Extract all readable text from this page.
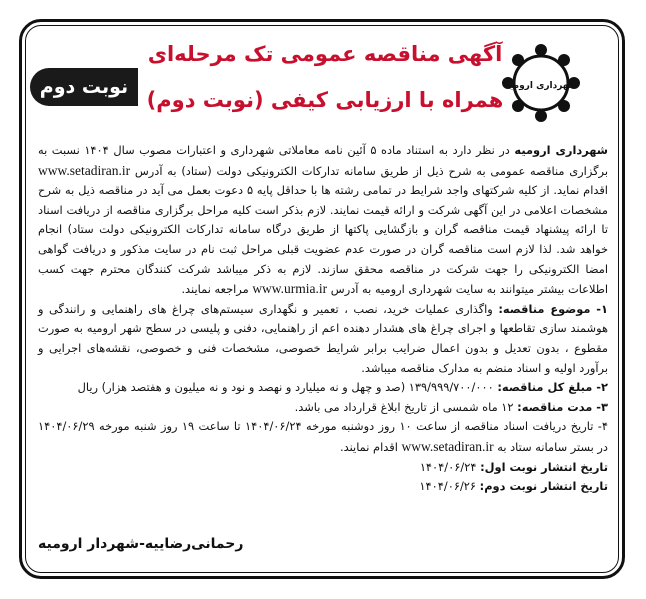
شهرداری ارومیه
نوبت دوم
آگهی مناقصه عمومی تک مرحله‌ای
همراه با ارزیابی کیفی (نوبت دوم)

شهرداری ارومیه در نظر دارد به استناد ماده ۵ آئین نامه معاملاتی شهرداری و اعتبارات مصوب سال ۱۴۰۴ نسبت به برگزاری مناقصه عمومی به شرح ذیل از طریق سامانه تدارکات الکترونیکی دولت (ستاد) به آدرس www.setadiran.ir اقدام نماید. از کلیه شرکتهای واجد شرایط در تمامی رشته ها با حداقل پایه ۵ دعوت بعمل می آید در مناقصه ذیل به شرح مشخصات اعلامی در این آگهی شرکت و ارائه قیمت نمایند. لازم بذکر است کلیه مراحل برگزاری مناقصه از دریافت اسناد تا ارائه پیشنهاد قیمت مناقصه گران و بازگشایی پاکتها از طریق درگاه سامانه تدارکات الکترونیکی دولت ستاد) انجام خواهد شد. لذا لازم است مناقصه گران در صورت عدم عضویت قبلی مراحل ثبت نام در سایت مذکور و دریافت گواهی امضا الکترونیکی را جهت شرکت در مناقصه محقق سازند. لازم به ذکر میباشد شرکت کنندگان محترم جهت کسب اطلاعات بیشتر میتوانند به سایت شهرداری ارومیه به آدرس www.urmia.ir مراجعه نمایند.

۱- موضوع مناقصه: واگذاری عملیات خرید، نصب ، تعمیر و نگهداری سیستم‌های چراغ های راهنمایی و رانندگی و هوشمند سازی تقاطعها و اجرای چراغ های هشدار دهنده اعم از راهنمایی، دفنی و پلیسی در سطح شهر ارومیه به صورت مقطوع ، بدون تعدیل و بدون اعمال ضرایب برابر شرایط خصوصی، مشخصات فنی و خصوصی، نقشه‌های اجرایی و برآورد اولیه و اسناد منضم به مدارک مناقصه میباشد.

۲- مبلغ کل مناقصه: ۱۳۹/۹۹۹/۷۰۰/۰۰۰ (صد و چهل و نه میلیارد و نهصد و نود و نه میلیون و هفتصد هزار) ریال

۳- مدت مناقصه: ۱۲ ماه شمسی از تاریخ ابلاغ قرارداد می باشد.

۴- تاریخ دریافت اسناد مناقصه از ساعت ۱۰ روز دوشنبه مورخه ۱۴۰۴/۰۶/۲۴ تا ساعت ۱۹ روز شنبه مورخه ۱۴۰۴/۰۶/۲۹ در بستر سامانه ستاد به www.setadiran.ir اقدام نمایند.

تاریخ انتشار نوبت اول: ۱۴۰۴/۰۶/۲۴

تاریخ انتشار نوبت دوم: ۱۴۰۴/۰۶/۲۶

رحمانی‌رضاییه-شهردار ارومیه
